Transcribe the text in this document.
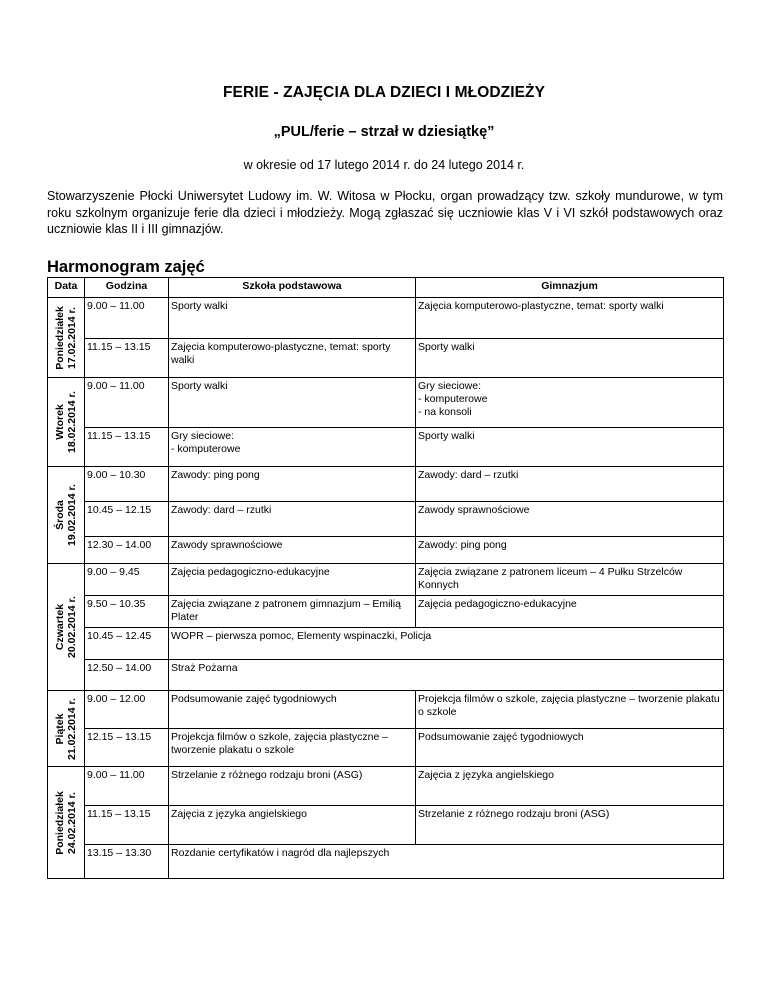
FERIE - ZAJĘCIA DLA DZIECI I MŁODZIEŻY
„PUL/ferie – strzał w dziesiątkę”
w okresie od 17 lutego 2014 r. do 24 lutego 2014 r.
Stowarzyszenie Płocki Uniwersytet Ludowy im. W. Witosa w Płocku, organ prowadzący tzw. szkoły mundurowe, w tym roku szkolnym organizuje ferie dla dzieci i młodzieży. Mogą zgłaszać się uczniowie klas V i VI szkół podstawowych oraz uczniowie klas II i III gimnazjów.
Harmonogram zajęć
Data	Godzina	Szkoła podstawowa	Gimnazjum

Poniedziałek 17.02.2014 r.	9.00 – 11.00	Sporty walki	Zajęcia komputerowo-plastyczne, temat: sporty walki
	11.15 – 13.15	Zajęcia komputerowo-plastyczne, temat: sporty walki	Sporty walki

Wtorek 18.02.2014 r.	9.00 – 11.00	Sporty walki	Gry sieciowe:
- komputerowe
- na konsoli
	11.15 – 13.15	Gry sieciowe:
- komputerowe	Sporty walki

Środa 19.02.2014 r.	9.00 – 10.30	Zawody: ping pong	Zawody: dard – rzutki
	10.45 – 12.15	Zawody: dard – rzutki	Zawody sprawnościowe
	12.30 – 14.00	Zawody sprawnościowe	Zawody: ping pong

Czwartek 20.02.2014 r.	9.00 – 9.45	Zajęcia pedagogiczno-edukacyjne	Zajęcia związane z patronem liceum – 4 Pułku Strzelców Konnych
	9.50 – 10.35	Zajęcia związane z patronem gimnazjum – Emilią Plater	Zajęcia pedagogiczno-edukacyjne
	10.45 – 12.45	WOPR – pierwsza pomoc, Elementy wspinaczki, Policja	
	12.50 – 14.00	Straż Pożarna	

Piątek 21.02.2014 r.	9.00 – 12.00	Podsumowanie zajęć tygodniowych	Projekcja filmów o szkole, zajęcia plastyczne – tworzenie plakatu o szkole
	12.15 – 13.15	Projekcja filmów o szkole, zajęcia plastyczne – tworzenie plakatu o szkole	Podsumowanie zajęć tygodniowych

Poniedziałek 24.02.2014 r.	9.00 – 11.00	Strzelanie z różnego rodzaju broni (ASG)	Zajęcia z języka angielskiego
	11.15 – 13.15	Zajęcia z języka angielskiego	Strzelanie z różnego rodzaju broni (ASG)
	13.15 – 13.30	Rozdanie certyfikatów i nagród dla najlepszych	
